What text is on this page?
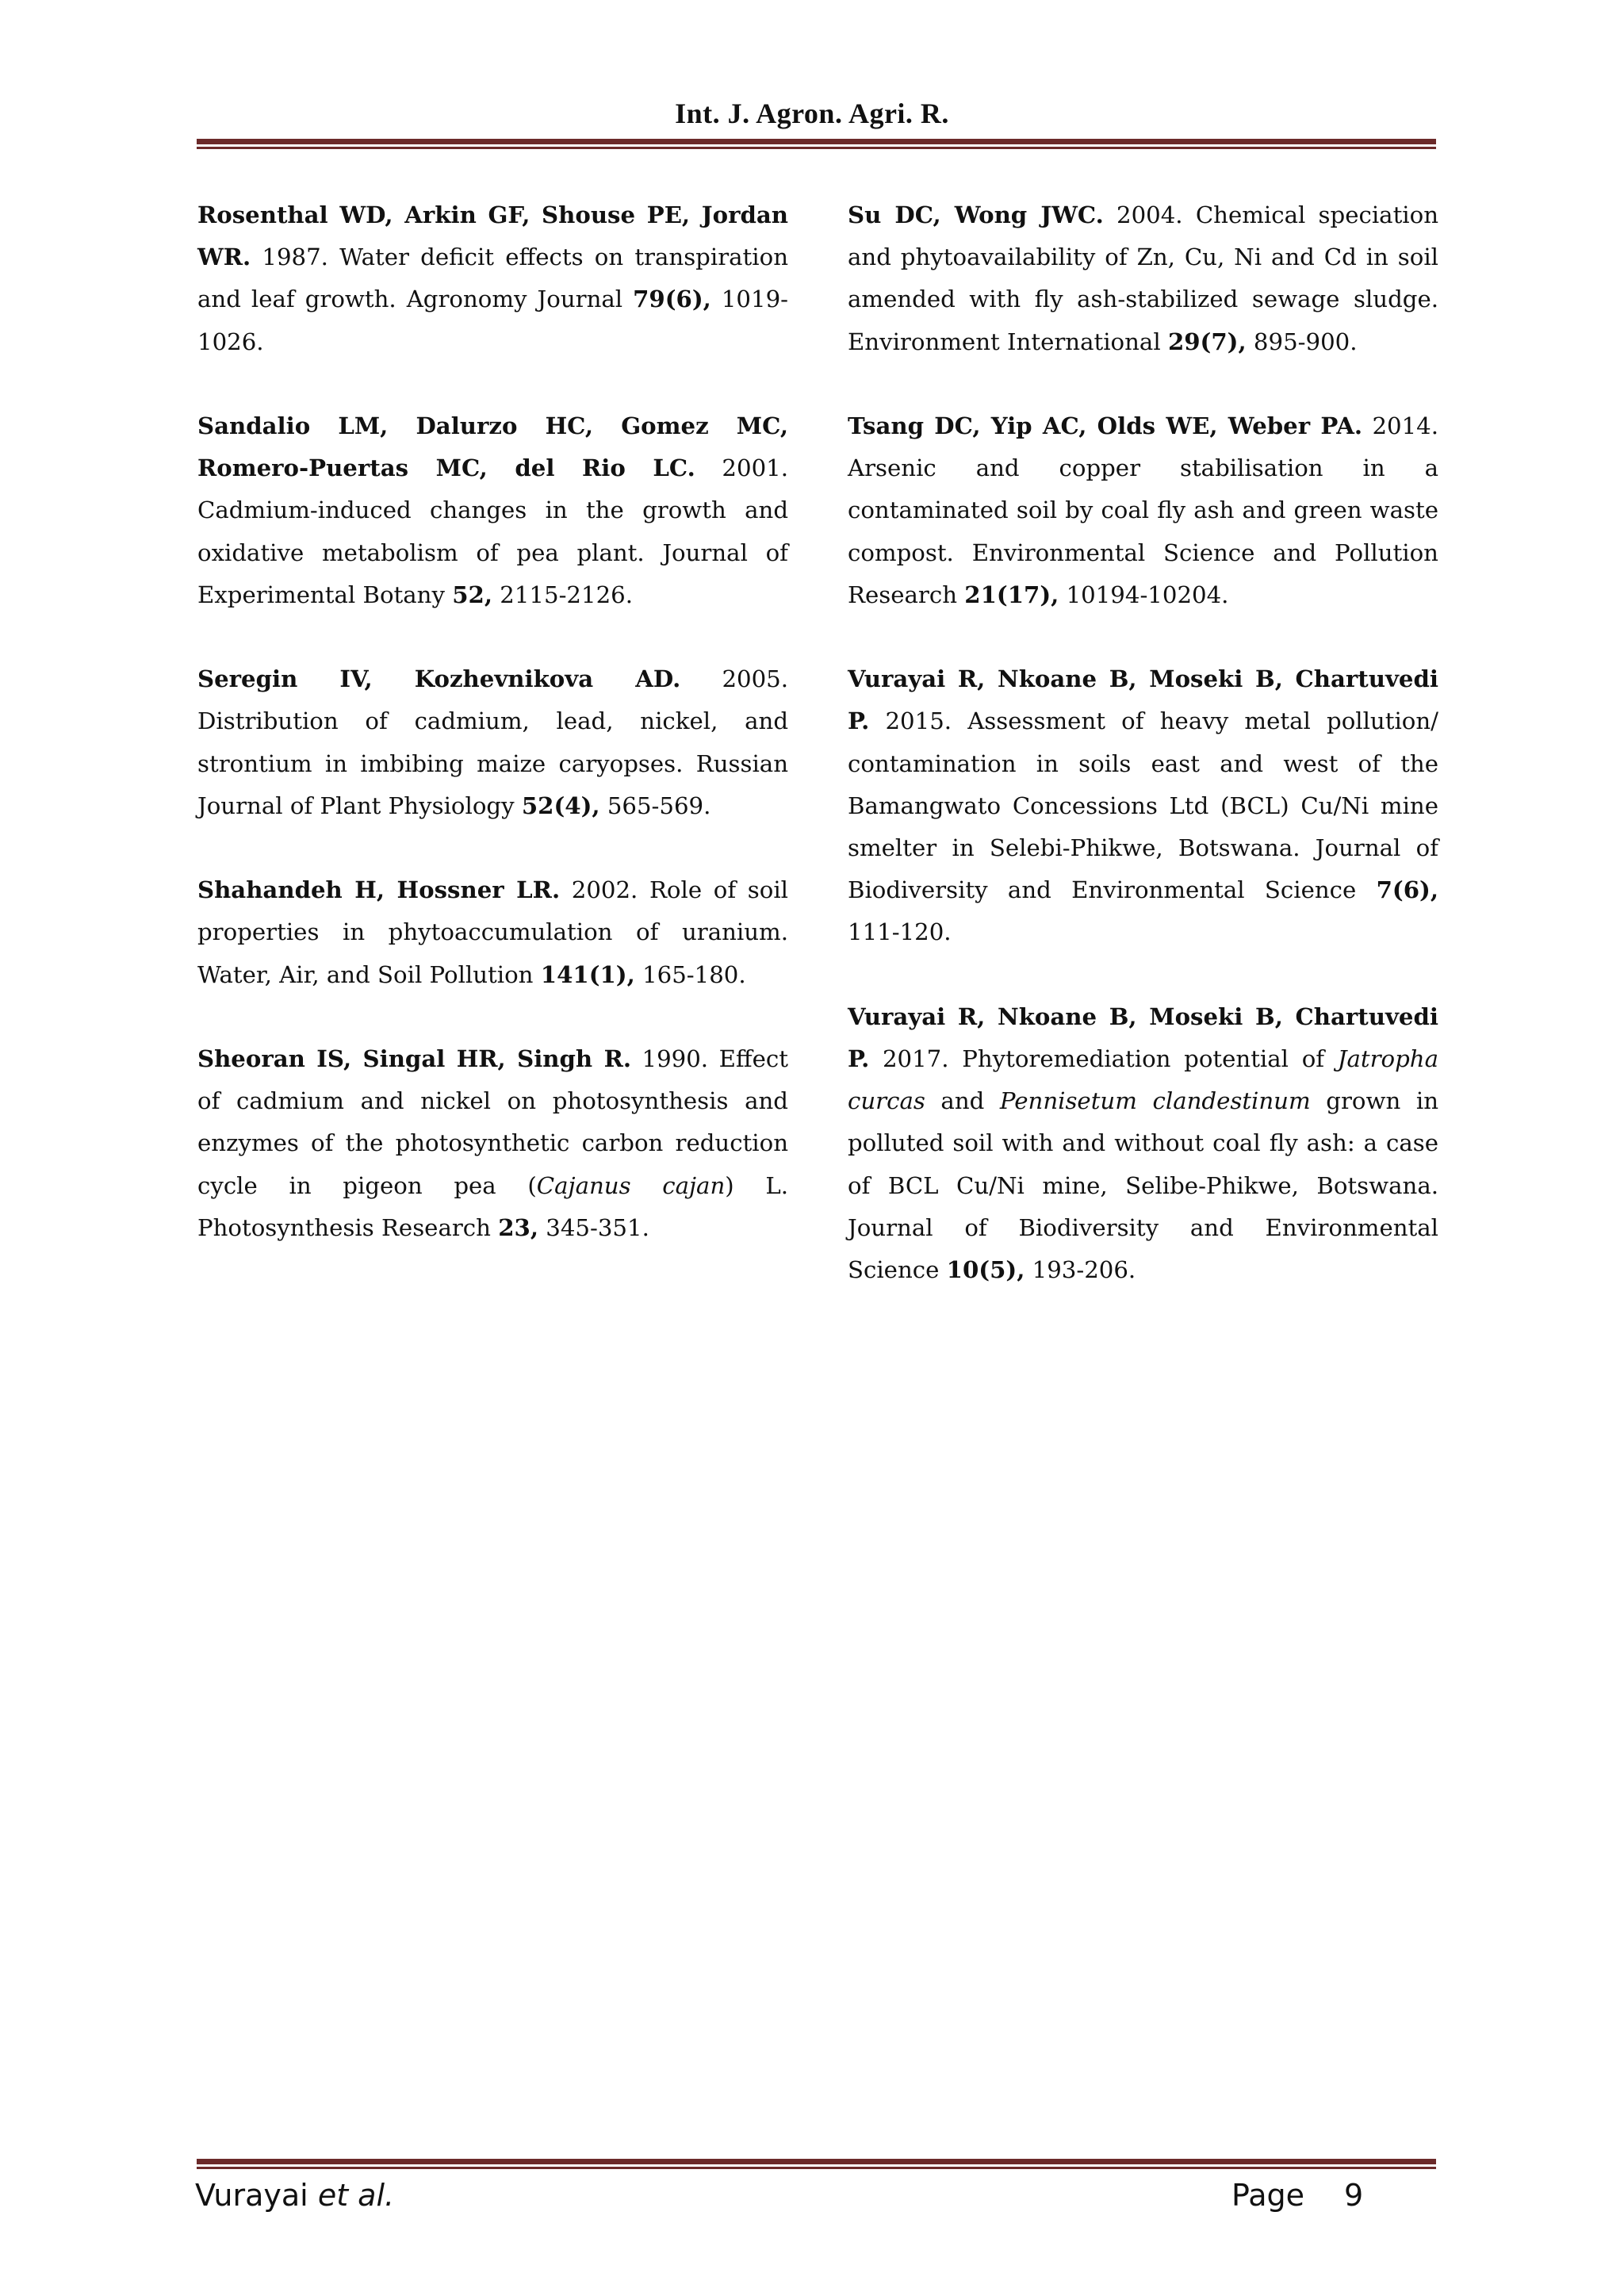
Int. J. Agron. Agri. R.

Rosenthal WD, Arkin GF, Shouse PE, Jordan WR. 1987. Water deficit effects on transpiration and leaf growth. Agronomy Journal 79(6), 1019-1026.

Sandalio LM, Dalurzo HC, Gomez MC, Romero-Puertas MC, del Rio LC. 2001. Cadmium-induced changes in the growth and oxidative metabolism of pea plant. Journal of Experimental Botany 52, 2115-2126.

Seregin IV, Kozhevnikova AD. 2005. Distribution of cadmium, lead, nickel, and strontium in imbibing maize caryopses. Russian Journal of Plant Physiology 52(4), 565-569.

Shahandeh H, Hossner LR. 2002. Role of soil properties in phytoaccumulation of uranium. Water, Air, and Soil Pollution 141(1), 165-180.

Sheoran IS, Singal HR, Singh R. 1990. Effect of cadmium and nickel on photosynthesis and enzymes of the photosynthetic carbon reduction cycle in pigeon pea (Cajanus cajan) L. Photosynthesis Research 23, 345-351.

Su DC, Wong JWC. 2004. Chemical speciation and phytoavailability of Zn, Cu, Ni and Cd in soil amended with fly ash-stabilized sewage sludge. Environment International 29(7), 895-900.

Tsang DC, Yip AC, Olds WE, Weber PA. 2014. Arsenic and copper stabilisation in a contaminated soil by coal fly ash and green waste compost. Environmental Science and Pollution Research 21(17), 10194-10204.

Vurayai R, Nkoane B, Moseki B, Chartuvedi P. 2015. Assessment of heavy metal pollution/ contamination in soils east and west of the Bamangwato Concessions Ltd (BCL) Cu/Ni mine smelter in Selebi-Phikwe, Botswana. Journal of Biodiversity and Environmental Science 7(6), 111-120.

Vurayai R, Nkoane B, Moseki B, Chartuvedi P. 2017. Phytoremediation potential of Jatropha curcas and Pennisetum clandestinum grown in polluted soil with and without coal fly ash: a case of BCL Cu/Ni mine, Selibe-Phikwe, Botswana. Journal of Biodiversity and Environmental Science 10(5), 193-206.

Vurayai et al.	Page 9
